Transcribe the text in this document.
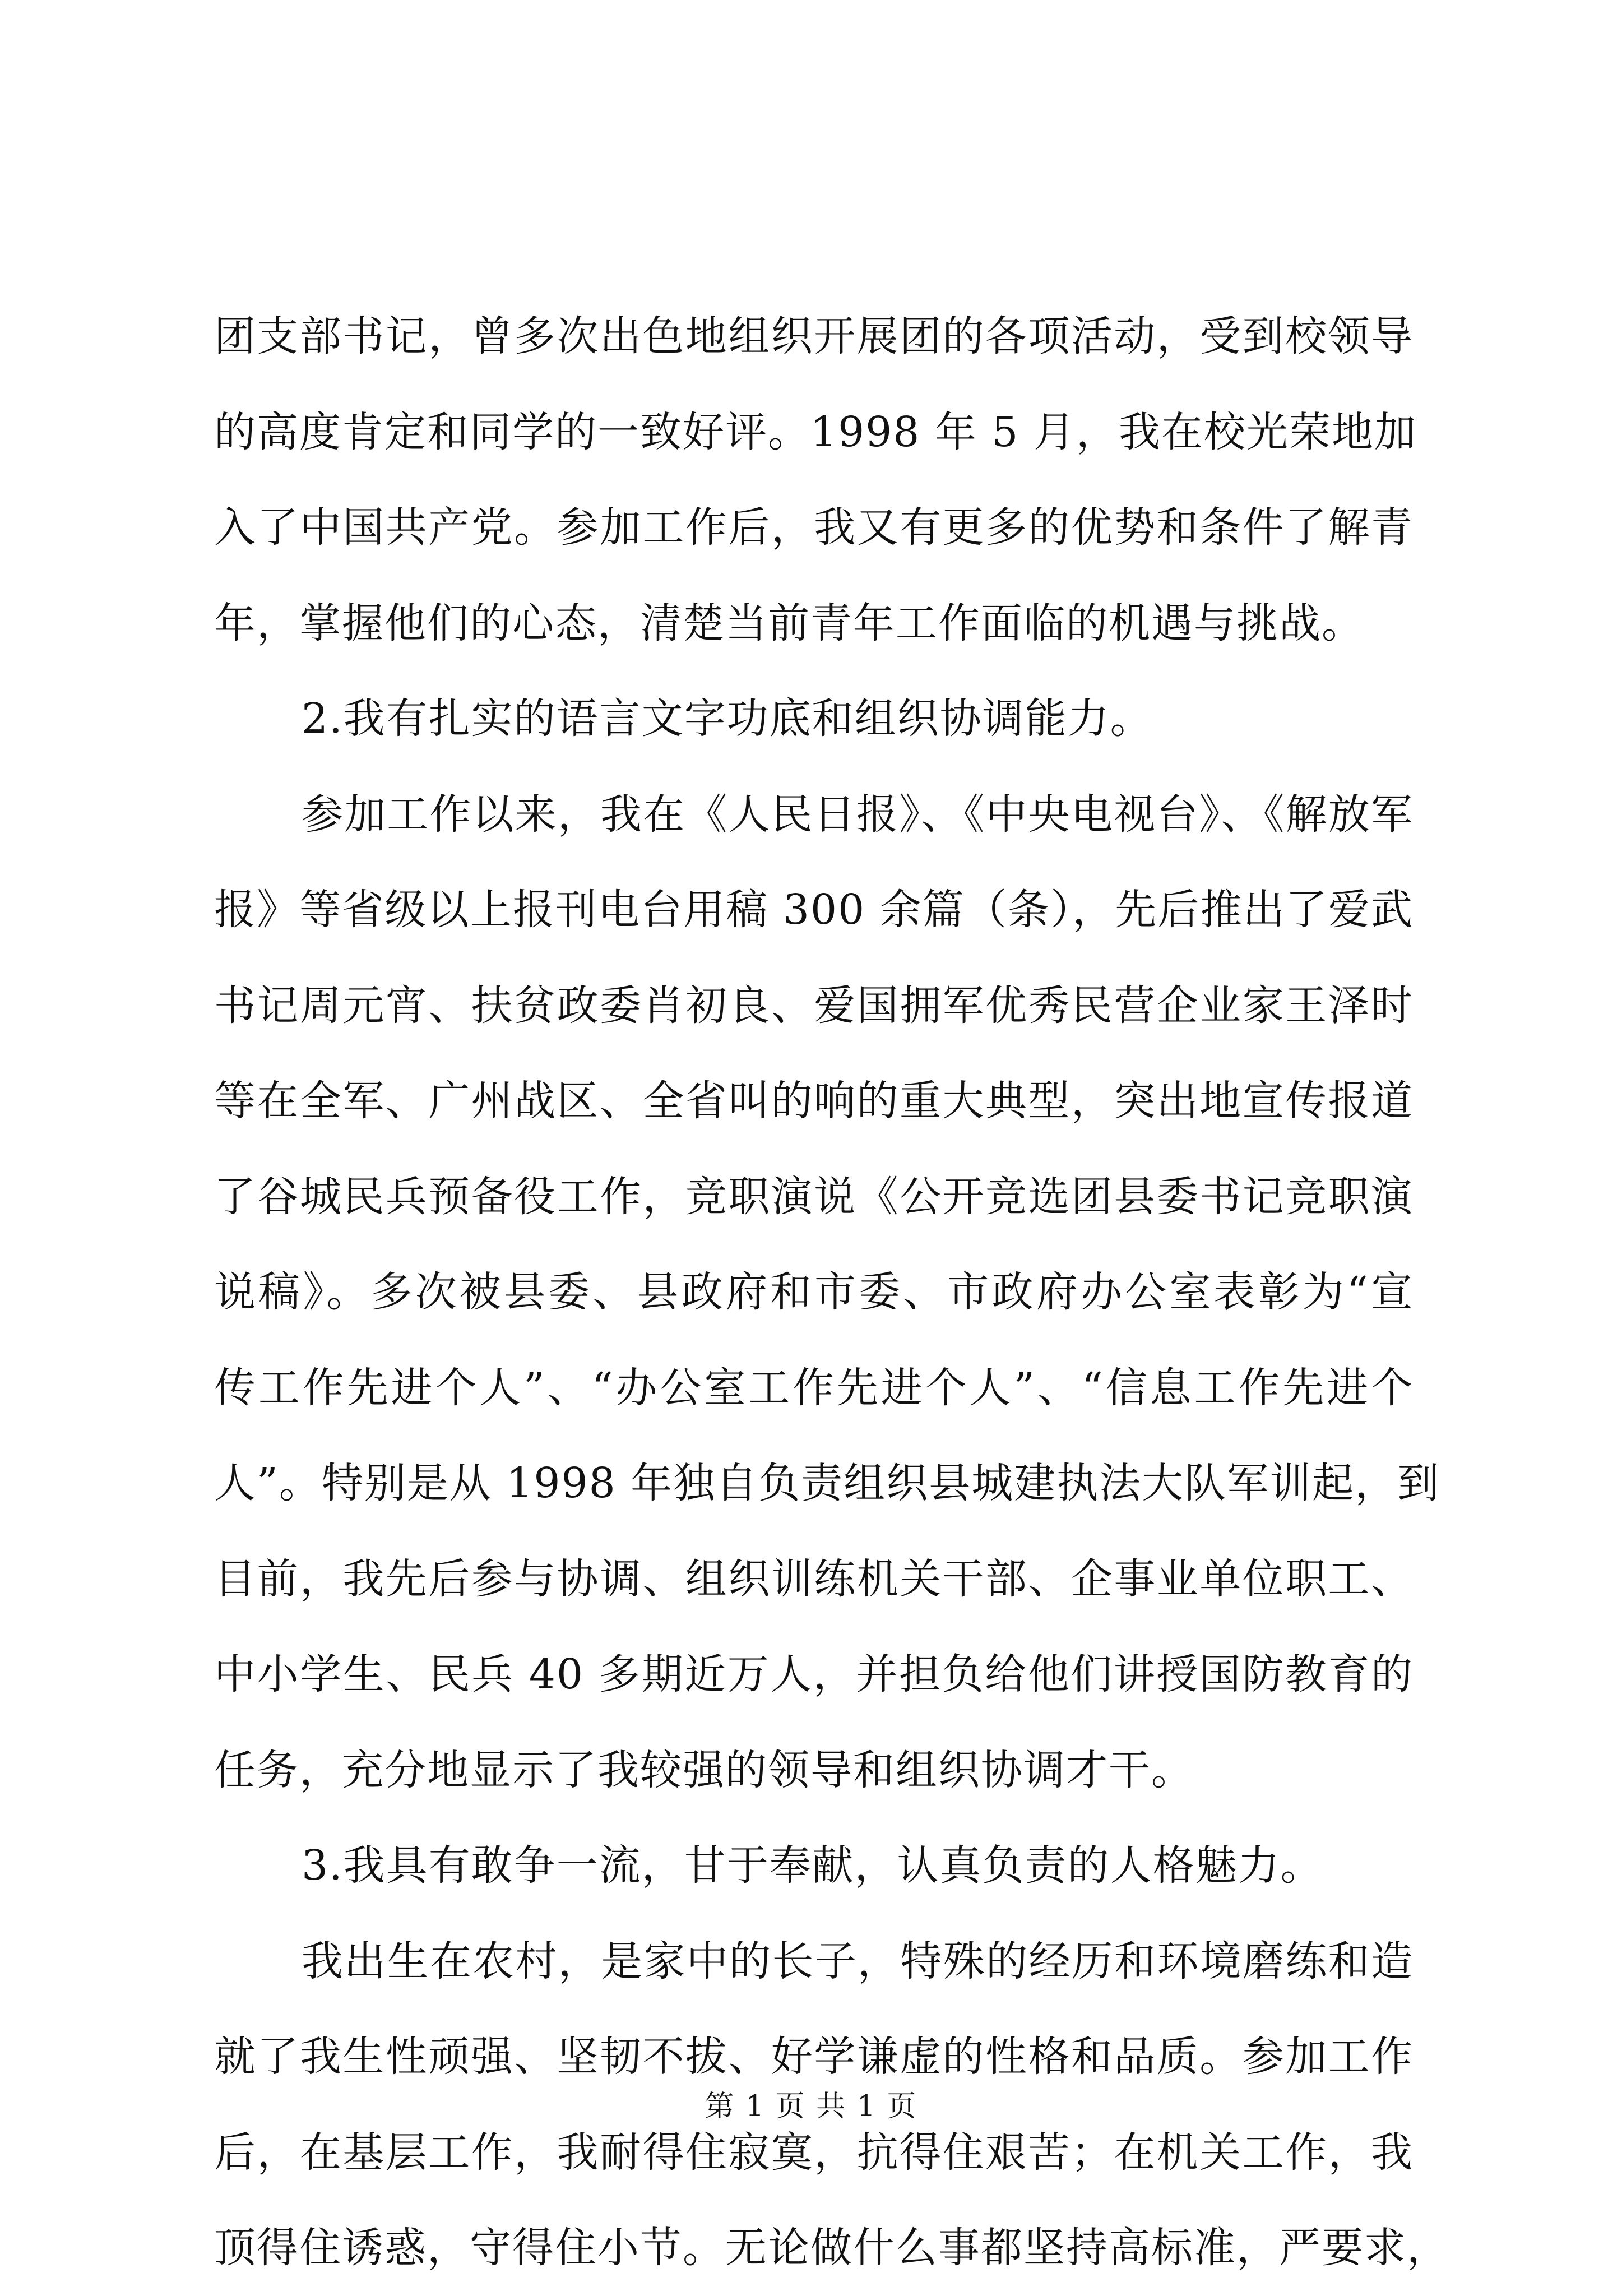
团支部书记，曾多次出色地组织开展团的各项活动，受到校领导
的高度肯定和同学的一致好评。1998 年 5 月，我在校光荣地加
入了中国共产党。参加工作后，我又有更多的优势和条件了解青
年，掌握他们的心态，清楚当前青年工作面临的机遇与挑战。
2.我有扎实的语言文字功底和组织协调能力。
参加工作以来，我在《人民日报》、《中央电视台》、《解放军
报》等省级以上报刊电台用稿 300 余篇（条），先后推出了爱武
书记周元宵、扶贫政委肖初良、爱国拥军优秀民营企业家王泽时
等在全军、广州战区、全省叫的响的重大典型，突出地宣传报道
了谷城民兵预备役工作，竞职演说《公开竞选团县委书记竞职演
说稿》。多次被县委、县政府和市委、市政府办公室表彰为“宣
传工作先进个人”、“办公室工作先进个人”、“信息工作先进个
人”。特别是从 1998 年独自负责组织县城建执法大队军训起，到
目前，我先后参与协调、组织训练机关干部、企事业单位职工、
中小学生、民兵 40 多期近万人，并担负给他们讲授国防教育的
任务，充分地显示了我较强的领导和组织协调才干。
3.我具有敢争一流，甘于奉献，认真负责的人格魅力。
我出生在农村，是家中的长子，特殊的经历和环境磨练和造
就了我生性顽强、坚韧不拔、好学谦虚的性格和品质。参加工作
后，在基层工作，我耐得住寂寞，抗得住艰苦；在机关工作，我
顶得住诱惑，守得住小节。无论做什么事都坚持高标准，严要求，
第 1 页 共 1 页
